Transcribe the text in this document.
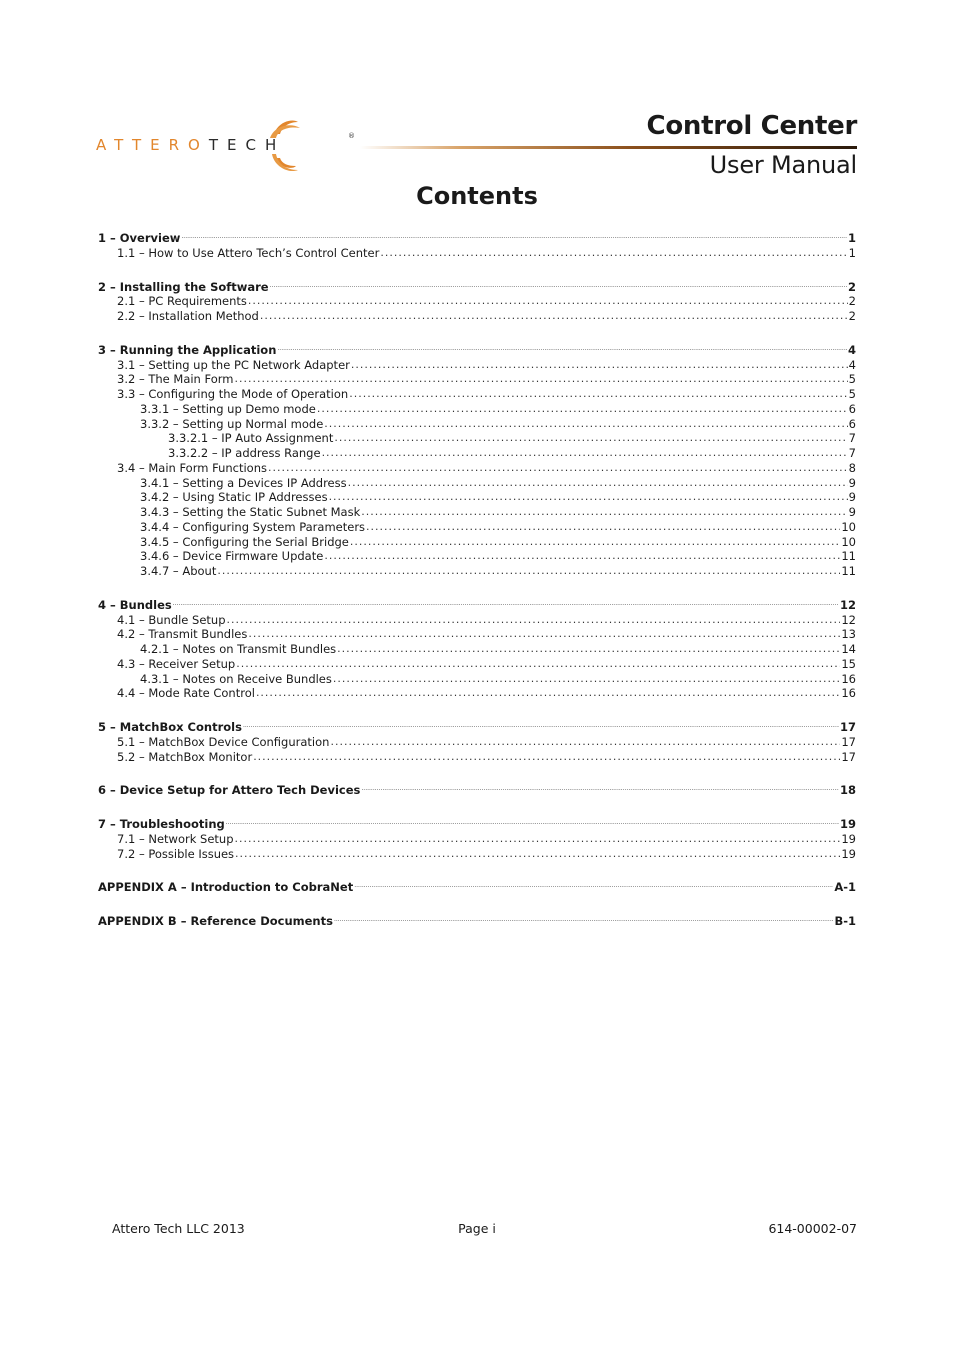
ATTEROTECH	®	Control Center
User Manual
Contents
1 – Overview .....	1
1.1 – How to Use Attero Tech’s Control Center .....	1
2 – Installing the Software .....	2
2.1 – PC Requirements .....	2
2.2 – Installation Method .....	2
3 – Running the Application .....	4
3.1 – Setting up the PC Network Adapter .....	4
3.2 – The Main Form .....	5
3.3 – Configuring the Mode of Operation .....	5
3.3.1 – Setting up Demo mode .....	6
3.3.2 – Setting up Normal mode .....	6
3.3.2.1 – IP Auto Assignment .....	7
3.3.2.2 – IP address Range .....	7
3.4 – Main Form Functions .....	8
3.4.1 – Setting a Devices IP Address .....	9
3.4.2 – Using Static IP Addresses .....	9
3.4.3 – Setting the Static Subnet Mask .....	9
3.4.4 – Configuring System Parameters .....	10
3.4.5 – Configuring the Serial Bridge .....	10
3.4.6 – Device Firmware Update .....	11
3.4.7 – About .....	11
4 – Bundles .....	12
4.1 – Bundle Setup .....	12
4.2 – Transmit Bundles .....	13
4.2.1 – Notes on Transmit Bundles .....	14
4.3 – Receiver Setup .....	15
4.3.1 – Notes on Receive Bundles .....	16
4.4 – Mode Rate Control .....	16
5 – MatchBox Controls .....	17
5.1 – MatchBox Device Configuration .....	17
5.2 – MatchBox Monitor .....	17
6 – Device Setup for Attero Tech Devices .....	18
7 – Troubleshooting .....	19
7.1 – Network Setup .....	19
7.2 – Possible Issues .....	19
APPENDIX A – Introduction to CobraNet .....	A-1
APPENDIX B – Reference Documents .....	B-1
Attero Tech LLC 2013	Page i	614-00002-07
